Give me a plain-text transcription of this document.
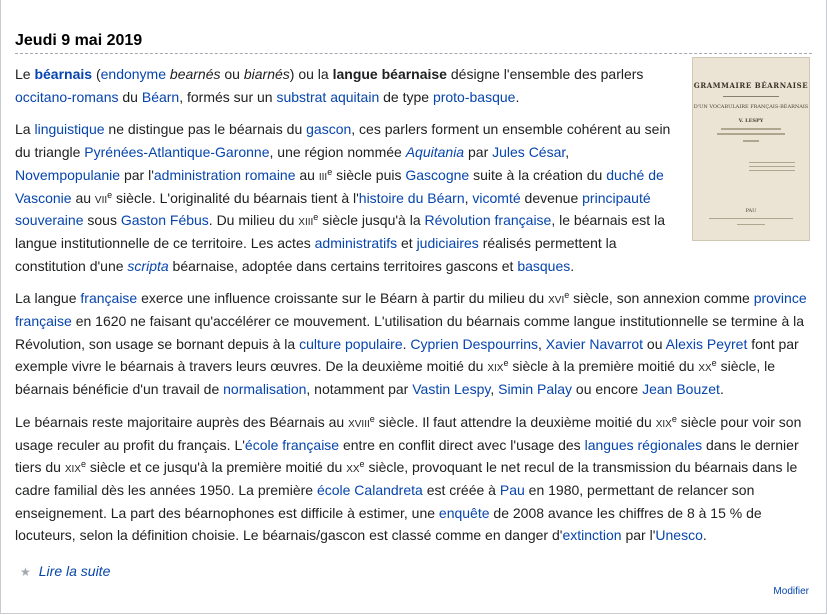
Jeudi 9 mai 2019
GRAMMAIRE BÉARNAISE
D'UN VOCABULAIRE FRANÇAIS-BÉARNAIS
V. LESPY
PAU

Le béarnais (endonyme bearnés ou biarnés) ou la langue béarnaise désigne l'ensemble des parlers occitano-romans du Béarn, formés sur un substrat aquitain de type proto-basque.

La linguistique ne distingue pas le béarnais du gascon, ces parlers forment un ensemble cohérent au sein du triangle Pyrénées-Atlantique-Garonne, une région nommée Aquitania par Jules César, Novempopulanie par l'administration romaine au iii$^e$ siècle puis Gascogne suite à la création du duché de Vasconie au vii$^e$ siècle. L'originalité du béarnais tient à l'histoire du Béarn, vicomté devenue principauté souveraine sous Gaston Fébus. Du milieu du xiii$^e$ siècle jusqu'à la Révolution française, le béarnais est la langue institutionnelle de ce territoire. Les actes administratifs et judiciaires réalisés permettent la constitution d'une scripta béarnaise, adoptée dans certains territoires gascons et basques.

La langue française exerce une influence croissante sur le Béarn à partir du milieu du xvi$^e$ siècle, son annexion comme province française en 1620 ne faisant qu'accélérer ce mouvement. L'utilisation du béarnais comme langue institutionnelle se termine à la Révolution, son usage se bornant depuis à la culture populaire. Cyprien Despourrins, Xavier Navarrot ou Alexis Peyret font par exemple vivre le béarnais à travers leurs œuvres. De la deuxième moitié du xix$^e$ siècle à la première moitié du $xx^e$ siècle, le béarnais bénéficie d'un travail de normalisation, notamment par Vastin Lespy, Simin Palay ou encore Jean Bouzet.

Le béarnais reste majoritaire auprès des Béarnais au xviii$^e$ siècle. Il faut attendre la deuxième moitié du xix$^e$ siècle pour voir son usage reculer au profit du français. L'école française entre en conflit direct avec l'usage des langues régionales dans le dernier tiers du xix$^e$ siècle et ce jusqu'à la première moitié du $xx^e$ siècle, provoquant le net recul de la transmission du béarnais dans le cadre familial dès les années 1950. La première école Calandreta est créée à Pau en 1980, permettant de relancer son enseignement. La part des béarnophones est difficile à estimer, une enquête de 2008 avance les chiffres de 8 à 15 % de locuteurs, selon la définition choisie. Le béarnais/gascon est classé comme en danger d'extinction par l'Unesco.

★ Lire la suite
Modifier
